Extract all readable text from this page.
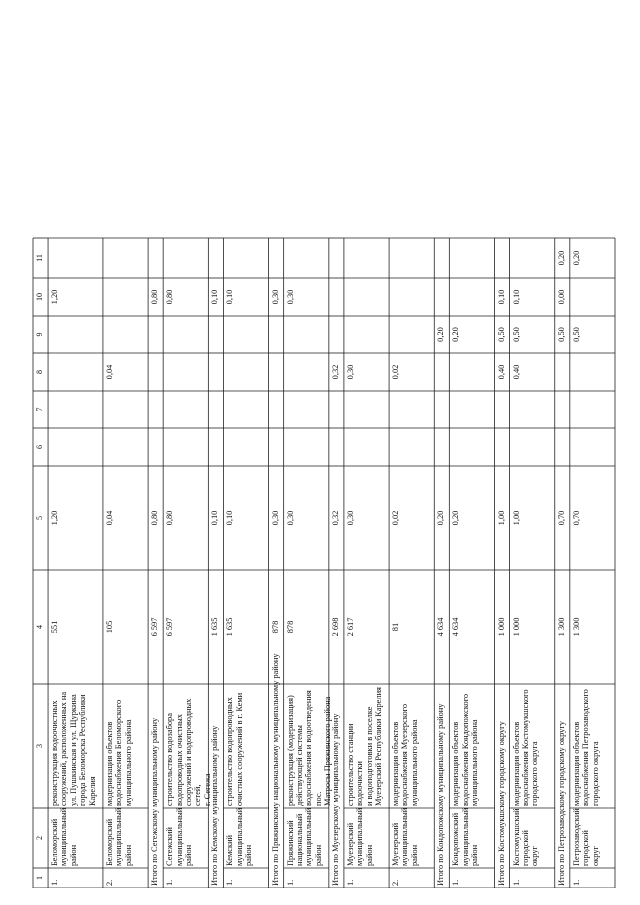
1
2
3
4
5
6
7
8
9
10
11
1.
Беломорский
муниципальный
район
реконструкция водоочистных
сооружений, расположенных на
ул. Пушкинская и ул. Щуркина
города Беломорска Республики
Карелия
551
1,20
1,20
2.
Беломорский
муниципальный
район
модернизация объектов
водоснабжения Беломорского
муниципального района
105
0,04
0,04
Итого по Сегежскому муниципальному району
6 597
0,80
0,80
1.
Сегежский
муниципальный
район
строительство водозабора
водопроводных очистных
сооружений и водопроводных сетей,
г. Сегежа
6 597
0,80
0,80
Итого по Кемскому муниципальному району
1 635
0,10
0,10
1.
Кемский
муниципальный
район
строительство водопроводных
очистных сооружений в г. Кеми
1 635
0,10
0,10
Итого по Пряжинскому национальному муниципальному району
878
0,30
0,30
1.
Пряжинский
национальный
муниципальный
район
реконструкция (модернизация)
действующей системы
водоснабжения и водоотведения пос.
Матросы Пряжинского района
878
0,30
0,30
Итого по Муезерскому муниципальному району
2 698
0,32
0,32
1.
Муезерский
муниципальный
район
строительство станции водоочистки
и водоподготовки в поселке
Муезерский Республики Карелия
2 617
0,30
0,30
2.
Муезерский
муниципальный
район
модернизация объектов
водоснабжения Муезерского
муниципального района
81
0,02
0,02
Итого по Кондопожскому муниципальному району
4 634
0,20
0,20
1.
Кондопожский
муниципальный
район
модернизация объектов
водоснабжения Кондопожского
муниципального района
4 634
0,20
0,20
Итого по Костомукшскому городскому округу
1 000
1,00
0,40
0,50
0,10
1.
Костомукшский
городской округ
модернизация объектов
водоснабжения Костомукшского
городского округа
1 000
1,00
0,40
0,50
0,10
Итого по Петрозаводскому городскому округу
1 300
0,70
0,50
0,00
0,20
1.
Петрозаводский
городской округ
модернизация объектов
водоснабжения Петрозаводского
городского округа
1 300
0,70
0,50
0,20
